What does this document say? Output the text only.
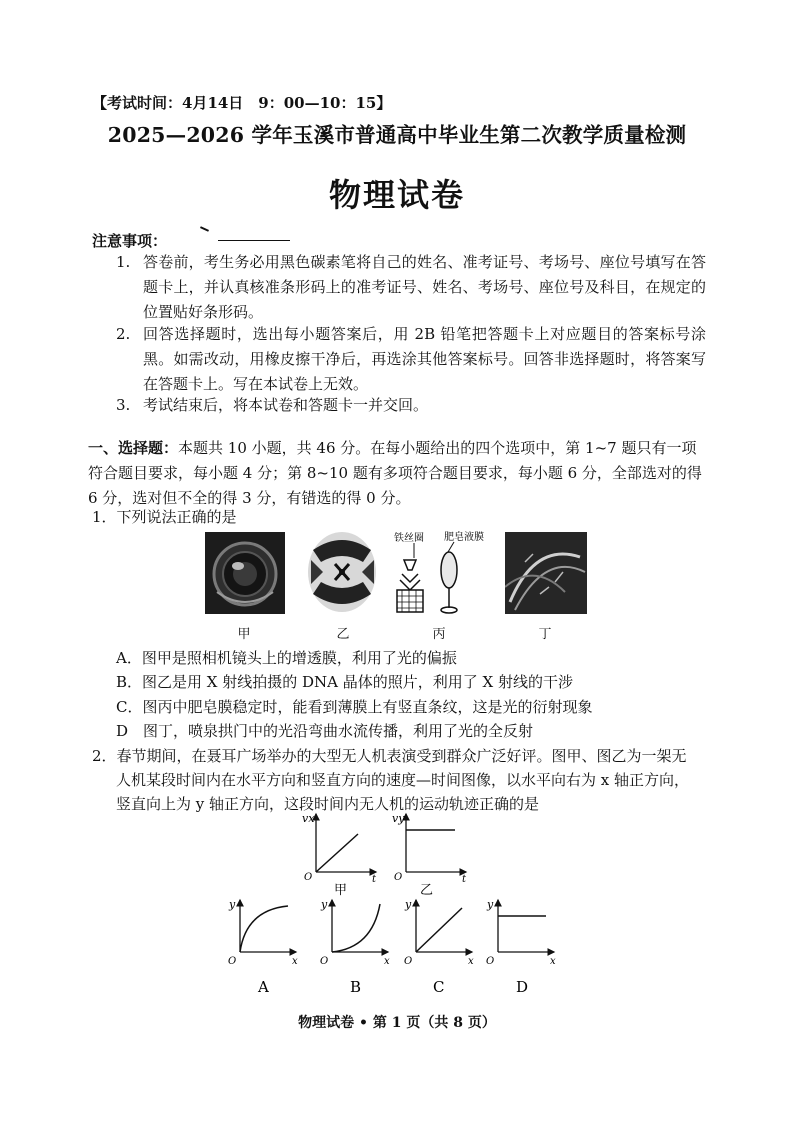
【考试时间：4月14日　9：00—10：15】
2025—2026 学年玉溪市普通高中毕业生第二次教学质量检测
物理试卷
注意事项：
1. 答卷前，考生务必用黑色碳素笔将自己的姓名、准考证号、考场号、座位号填写在答题卡上，并认真核准条形码上的准考证号、姓名、考场号、座位号及科目，在规定的位置贴好条形码。
2. 回答选择题时，选出每小题答案后，用 2B 铅笔把答题卡上对应题目的答案标号涂黑。如需改动，用橡皮擦干净后，再选涂其他答案标号。回答非选择题时，将答案写在答题卡上。写在本试卷上无效。
3. 考试结束后，将本试卷和答题卡一并交回。
一、选择题：本题共 10 小题，共 46 分。在每小题给出的四个选项中，第 1~7 题只有一项符合题目要求，每小题 4 分；第 8~10 题有多项符合题目要求，每小题 6 分，全部选对的得 6 分，选对但不全的得 3 分，有错选的得 0 分。
1．下列说法正确的是
铁丝圈 肥皂液膜
甲	乙	丙	丁
A．图甲是照相机镜头上的增透膜，利用了光的偏振
B．图乙是用 X 射线拍摄的 DNA 晶体的照片，利用了 X 射线的干涉
C．图丙中肥皂膜稳定时，能看到薄膜上有竖直条纹，这是光的衍射现象
D　图丁，喷泉拱门中的光沿弯曲水流传播，利用了光的全反射
2．春节期间，在聂耳广场举办的大型无人机表演受到群众广泛好评。图甲、图乙为一架无
人机某段时间内在水平方向和竖直方向的速度—时间图像，以水平向右为 x 轴正方向，
竖直向上为 y 轴正方向，这段时间内无人机的运动轨迹正确的是
vx
O	t
甲
vy
O	t
乙
y
O	x
A
y
O	x
B
y
O	x
C
y
O	x
D
物理试卷 • 第 1 页（共 8 页）
